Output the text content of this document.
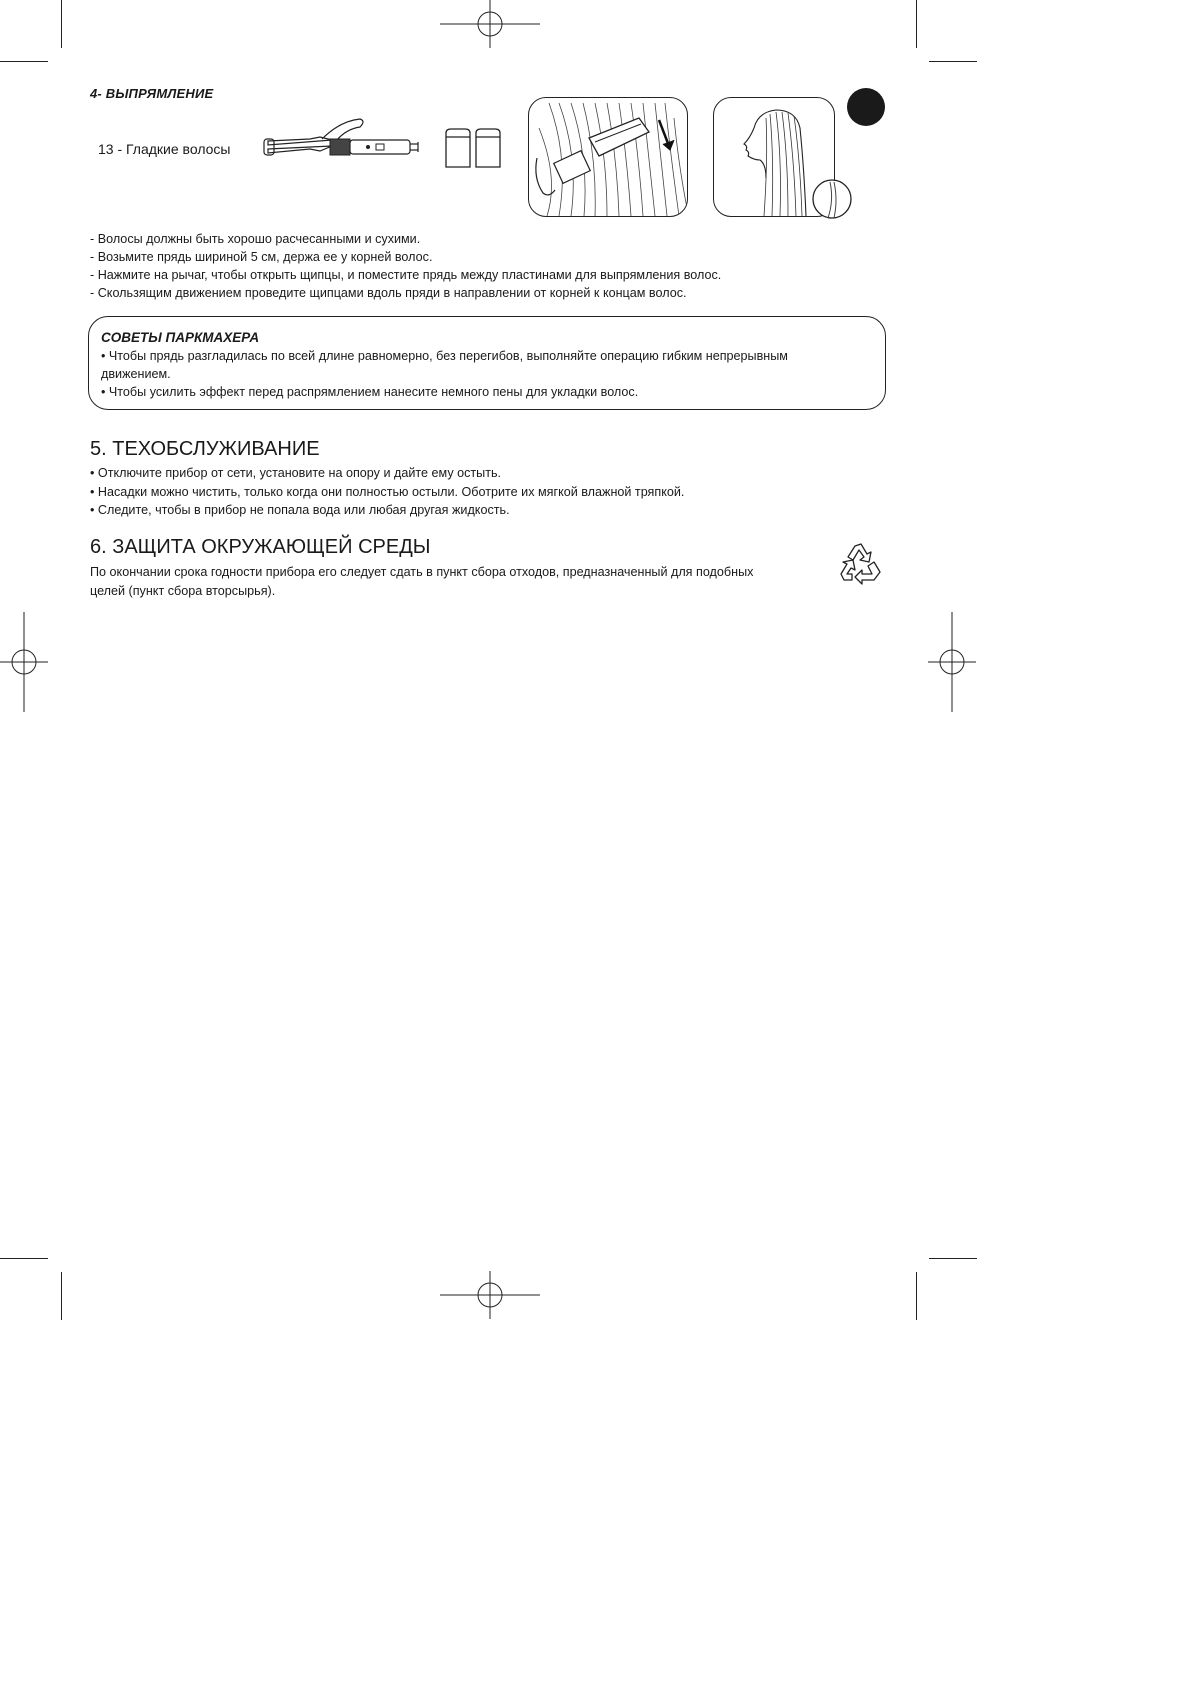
4- ВЫПРЯМЛЕНИЕ
13 - Гладкие волосы
- Волосы должны быть хорошо расчесанными и сухими.
- Возьмите прядь шириной 5 см, держа ее у корней волос.
- Нажмите на рычаг, чтобы открыть щипцы, и поместите прядь между пластинами для выпрямления волос.
- Скользящим движением проведите щипцами вдоль пряди в направлении от корней к концам волос.
СОВЕТЫ ПАРКМАХЕРА
• Чтобы прядь разгладилась по всей длине равномерно, без перегибов, выполняйте операцию гибким непрерывным
движением.
• Чтобы усилить эффект перед распрямлением нанесите немного пены для укладки волос.
5. ТЕХОБСЛУЖИВАНИЕ
• Отключите прибор от сети, установите на опору и дайте ему остыть.
• Насадки можно чистить, только когда они полностью остыли. Оботрите их мягкой влажной тряпкой.
• Следите, чтобы в прибор не попала вода или любая другая жидкость.
6. ЗАЩИТА ОКРУЖАЮЩЕЙ СРЕДЫ
По окончании срока годности прибора его следует сдать в пункт сбора отходов, предназначенный для подобных
целей (пункт сбора вторсырья).
